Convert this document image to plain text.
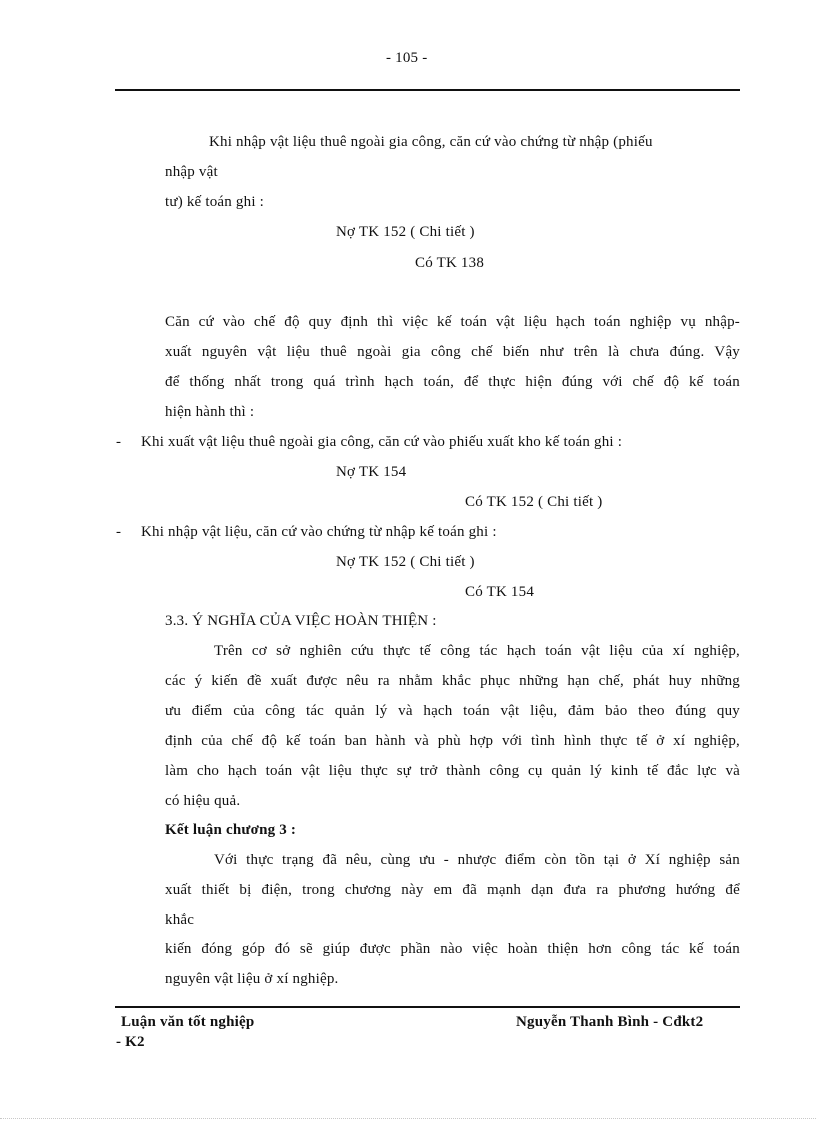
- 105 -
Khi nhập vật liệu thuê ngoài gia công, căn cứ vào chứng từ nhập (phiếu
nhập vật
tư) kế toán ghi :
Nợ TK 152 ( Chi tiết )
Có TK 138
Căn cứ vào chế độ quy định thì việc kế toán vật liệu hạch toán nghiệp vụ nhập-
xuất nguyên vật liệu thuê ngoài gia công chế biến như trên là chưa đúng. Vậy
để thống nhất trong quá trình hạch toán, để thực hiện đúng với chế độ kế toán
hiện hành thì :
- Khi xuất vật liệu thuê ngoài gia công, căn cứ vào phiếu xuất kho kế toán ghi :
Nợ TK 154
Có TK 152 ( Chi tiết )
- Khi nhập vật liệu, căn cứ vào chứng từ nhập kế toán ghi :
Nợ TK 152 ( Chi tiết )
Có TK 154
3.3. Ý NGHĨA CỦA VIỆC HOÀN THIỆN :
Trên cơ sở nghiên cứu thực tế công tác hạch toán vật liệu của xí nghiệp,
các ý kiến đề xuất được nêu ra nhằm khắc phục những hạn chế, phát huy những
ưu điểm của công tác quản lý và hạch toán vật liệu, đảm bảo theo đúng quy
định của chế độ kế toán ban hành và phù hợp với tình hình thực tế ở xí nghiệp,
làm cho hạch toán vật liệu thực sự trở thành công cụ quản lý kinh tế đắc lực và
có hiệu quả.
Kết luận chương 3 :
Với thực trạng đã nêu, cùng ưu - nhược điểm còn tồn tại ở Xí nghiệp sản
xuất thiết bị điện, trong chương này em đã mạnh dạn đưa ra phương hướng để
khắc
kiến đóng góp đó sẽ giúp được phần nào việc hoàn thiện hơn công tác kế toán
nguyên vật liệu ở xí nghiệp.
Luận văn tốt nghiệp	Nguyễn Thanh Bình - Cđkt2
- K2
